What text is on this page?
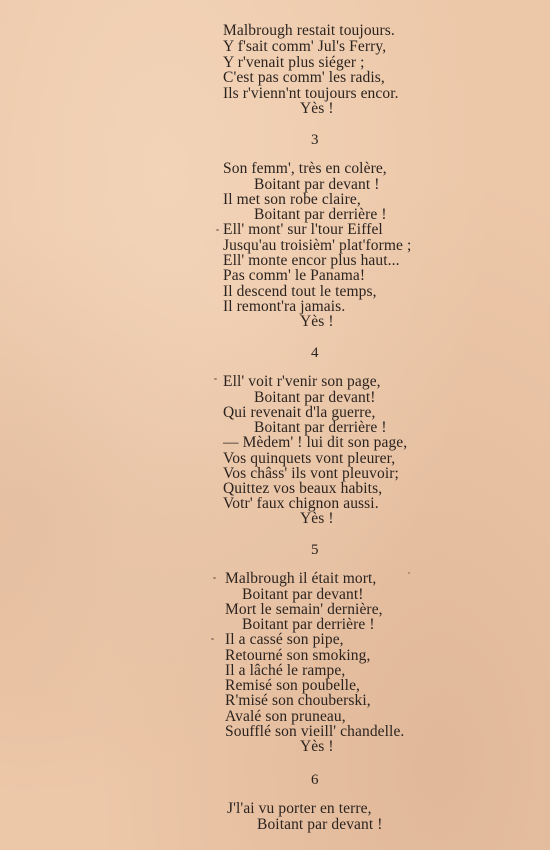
Malbrough restait toujours.
Y f'sait comm' Jul's Ferry,
Y r'venait plus siéger ;
C'est pas comm' les radis,
Ils r'vienn'nt toujours encor.
Yès !
3
Son femm', très en colère,
Boitant par devant !
Il met son robe claire,
Boitant par derrière !
Ell' mont' sur l'tour Eiffel
Jusqu'au troisièm' plat'forme ;
Ell' monte encor plus haut...
Pas comm' le Panama!
Il descend tout le temps,
Il remont'ra jamais.
Yès !
4
Ell' voit r'venir son page,
Boitant par devant!
Qui revenait d'la guerre,
Boitant par derrière !
— Mèdem' ! lui dit son page,
Vos quinquets vont pleurer,
Vos châss' ils vont pleuvoir;
Quittez vos beaux habits,
Votr' faux chignon aussi.
Yès !
5
Malbrough il était mort,
Boitant par devant!
Mort le semain' dernière,
Boitant par derrière !
Il a cassé son pipe,
Retourné son smoking,
Il a lâché le rampe,
Remisé son poubelle,
R'misé son chouberski,
Avalé son pruneau,
Soufflé son vieill' chandelle.
Yès !
6
J'l'ai vu porter en terre,
Boitant par devant !
